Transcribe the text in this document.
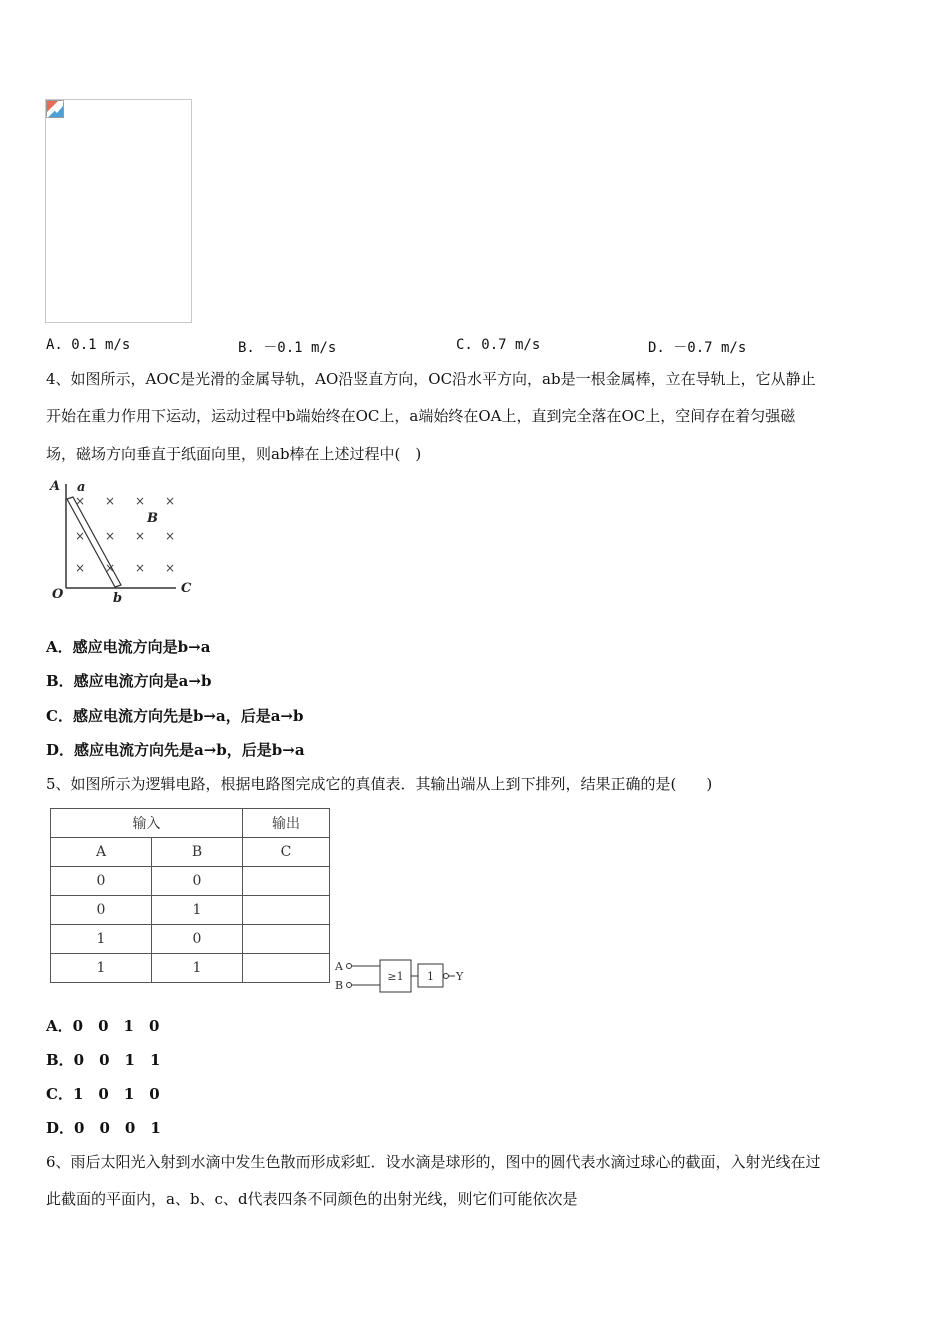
A. 0.1 m/s	B. －0.1 m/s	C. 0.7 m/s	D. －0.7 m/s
4、如图所示，AOC是光滑的金属导轨，AO沿竖直方向，OC沿水平方向，ab是一根金属棒，立在导轨上，它从静止
开始在重力作用下运动，运动过程中b端始终在OC上，a端始终在OA上，直到完全落在OC上，空间存在着匀强磁
场，磁场方向垂直于纸面向里，则ab棒在上述过程中(　)
× × × ×
× × × ×
× × × ×
A a
B
O	b
C
A．感应电流方向是b→a
B．感应电流方向是a→b
C．感应电流方向先是b→a，后是a→b
D．感应电流方向先是a→b，后是b→a
5、如图所示为逻辑电路，根据电路图完成它的真值表．其输出端从上到下排列，结果正确的是(　　)
输入		输出
A	B	C
0	0	
0	1	
1	0	
1	1		A
B
≥1 1 Y
A．0　0　1　0
B．0　0　1　1
C．1　0　1　0
D．0　0　0　1
6、雨后太阳光入射到水滴中发生色散而形成彩虹．设水滴是球形的，图中的圆代表水滴过球心的截面，入射光线在过
此截面的平面内，a、b、c、d代表四条不同颜色的出射光线，则它们可能依次是
